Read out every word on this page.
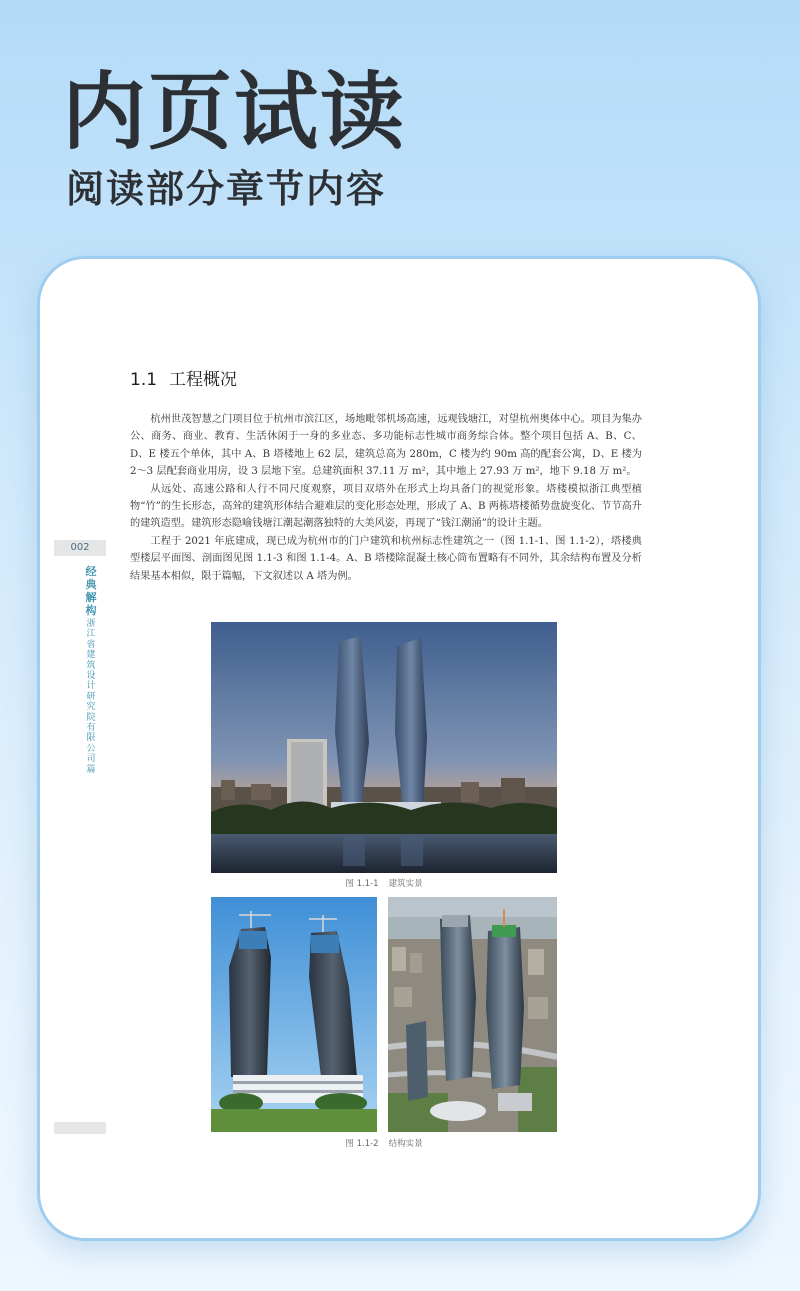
内页试读
阅读部分章节内容
002
经典解构
浙江省建筑设计研究院有限公司篇
1.1 工程概况

杭州世茂智慧之门项目位于杭州市滨江区，场地毗邻机场高速，远观钱塘江，对望杭州奥体中心。项目为集办公、商务、商业、教育、生活休闲于一身的多业态、多功能标志性城市商务综合体。整个项目包括 A、B、C、D、E 楼五个单体，其中 A、B 塔楼地上 62 层，建筑总高为 280m，C 楼为约 90m 高的配套公寓，D、E 楼为 2～3 层配套商业用房，设 3 层地下室。总建筑面积 37.11 万 m²，其中地上 27.93 万 m²，地下 9.18 万 m²。

从远处、高速公路和人行不同尺度观察，项目双塔外在形式上均具备门的视觉形象。塔楼模拟浙江典型植物“竹”的生长形态，高耸的建筑形体结合避难层的变化形态处理，形成了 A、B 两栋塔楼循势盘旋变化、节节高升的建筑造型。建筑形态隐喻钱塘江潮起潮落独特的大美风姿，再现了“钱江潮涌”的设计主题。

工程于 2021 年底建成，现已成为杭州市的门户建筑和杭州标志性建筑之一（图 1.1-1、图 1.1-2），塔楼典型楼层平面图、剖面图见图 1.1-3 和图 1.1-4。A、B 塔楼除混凝土核心筒布置略有不同外，其余结构布置及分析结果基本相似，限于篇幅，下文叙述以 A 塔为例。

图 1.1-1 建筑实景
图 1.1-2 结构实景
